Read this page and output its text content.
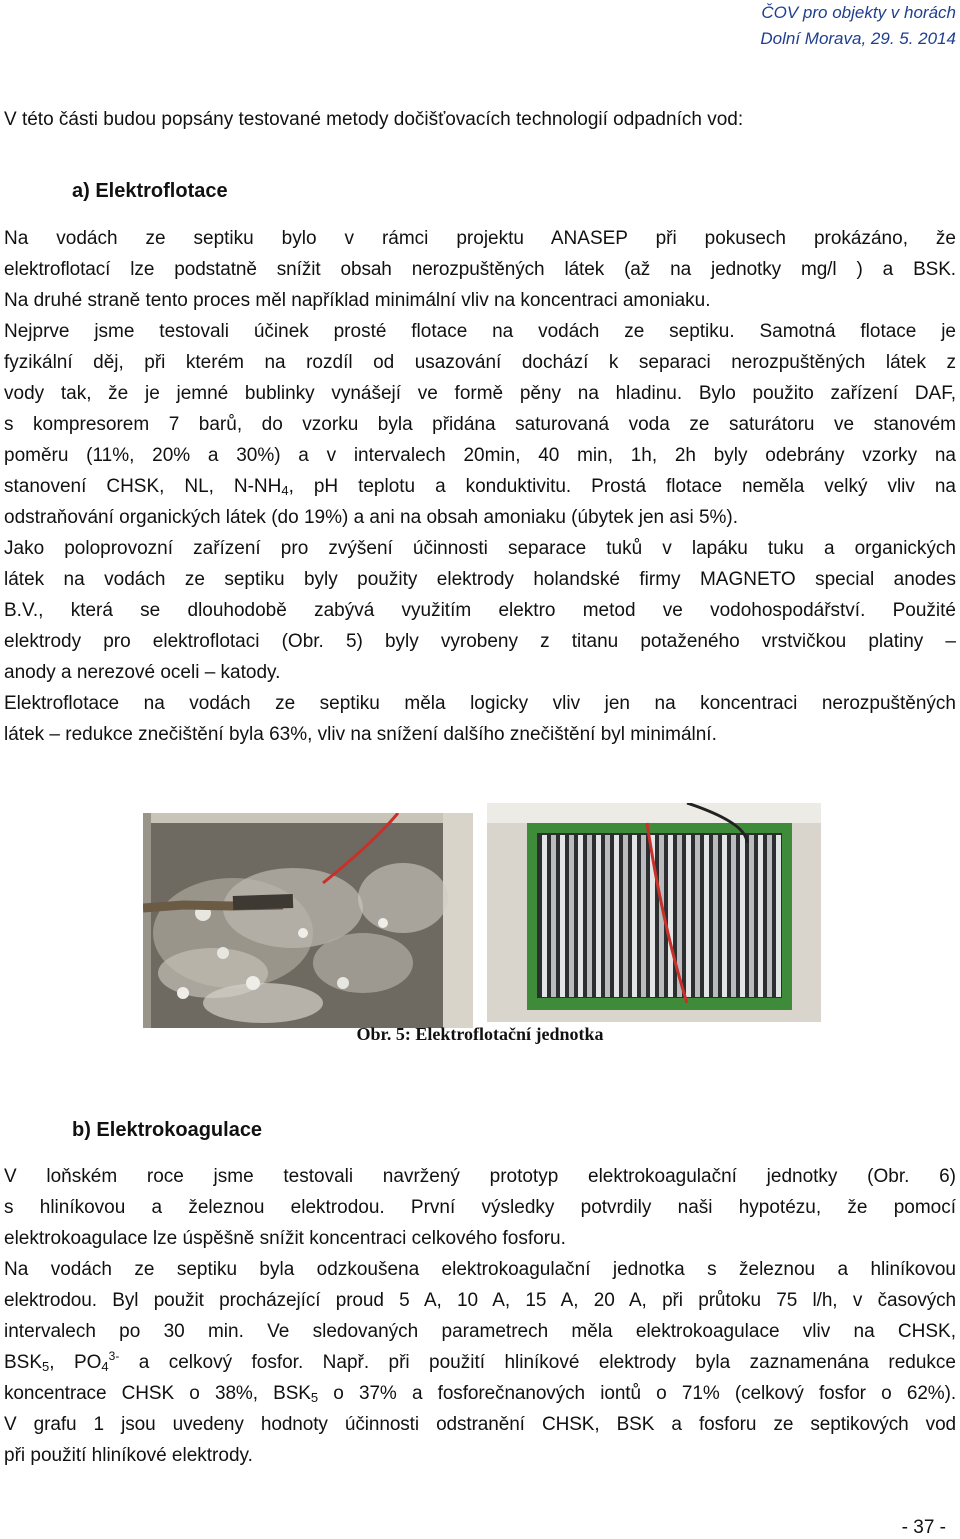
ČOV pro objekty v horách
Dolní Morava, 29. 5. 2014
V této části budou popsány testované metody dočišťovacích technologií odpadních vod:
a) Elektroflotace
Na vodách ze septiku bylo v rámci projektu ANASEP při pokusech prokázáno, že
elektroflotací lze podstatně snížit obsah nerozpuštěných látek (až na jednotky mg/l ) a BSK.
Na druhé straně tento proces měl například minimální vliv na koncentraci amoniaku.
Nejprve jsme testovali účinek prosté flotace na vodách ze septiku. Samotná flotace je
fyzikální děj, při kterém na rozdíl od usazování dochází k separaci nerozpuštěných látek z
vody tak, že je jemné bublinky vynášejí ve formě pěny na hladinu. Bylo použito zařízení DAF,
s kompresorem 7 barů, do vzorku byla přidána saturovaná voda ze saturátoru ve stanovém
poměru (11%, 20% a 30%) a v intervalech 20min, 40 min, 1h, 2h byly odebrány vzorky na
stanovení CHSK, NL, $N-NH_4$, pH teplotu a konduktivitu. Prostá flotace neměla velký vliv na
odstraňování organických látek (do 19%) a ani na obsah amoniaku (úbytek jen asi 5%).
Jako poloprovozní zařízení pro zvýšení účinnosti separace tuků v lapáku tuku a organických
látek na vodách ze septiku byly použity elektrody holandské firmy MAGNETO special anodes
B.V., která se dlouhodobě zabývá využitím elektro metod ve vodohospodářství. Použité
elektrody pro elektroflotaci (Obr. 5) byly vyrobeny z titanu potaženého vrstvičkou platiny –
anody a nerezové oceli – katody.
Elektroflotace na vodách ze septiku měla logicky vliv jen na koncentraci nerozpuštěných
látek – redukce znečištění byla 63%, vliv na snížení dalšího znečištění byl minimální.
Obr. 5: Elektroflotační jednotka
b) Elektrokoagulace
V loňském roce jsme testovali navržený prototyp elektrokoagulační jednotky (Obr. 6)
s hliníkovou a železnou elektrodou. První výsledky potvrdily naši hypotézu, že pomocí
elektrokoagulace lze úspěšně snížit koncentraci celkového fosforu.
Na vodách ze septiku byla odzkoušena elektrokoagulační jednotka s železnou a hliníkovou
elektrodou. Byl použit procházející proud 5 A, 10 A, 15 A, 20 A, při průtoku 75 l/h, v časových
intervalech po 30 min. Ve sledovaných parametrech měla elektrokoagulace vliv na CHSK,
$BSK_5$, $PO_4^{3-}$ a celkový fosfor. Např. při použití hliníkové elektrody byla zaznamenána redukce
koncentrace CHSK o 38%, $BSK_5$ o 37% a fosforečnanových iontů o 71% (celkový fosfor o 62%).
V grafu 1 jsou uvedeny hodnoty účinnosti odstranění CHSK, BSK a fosforu ze septikových vod
při použití hliníkové elektrody.
- 37 -
